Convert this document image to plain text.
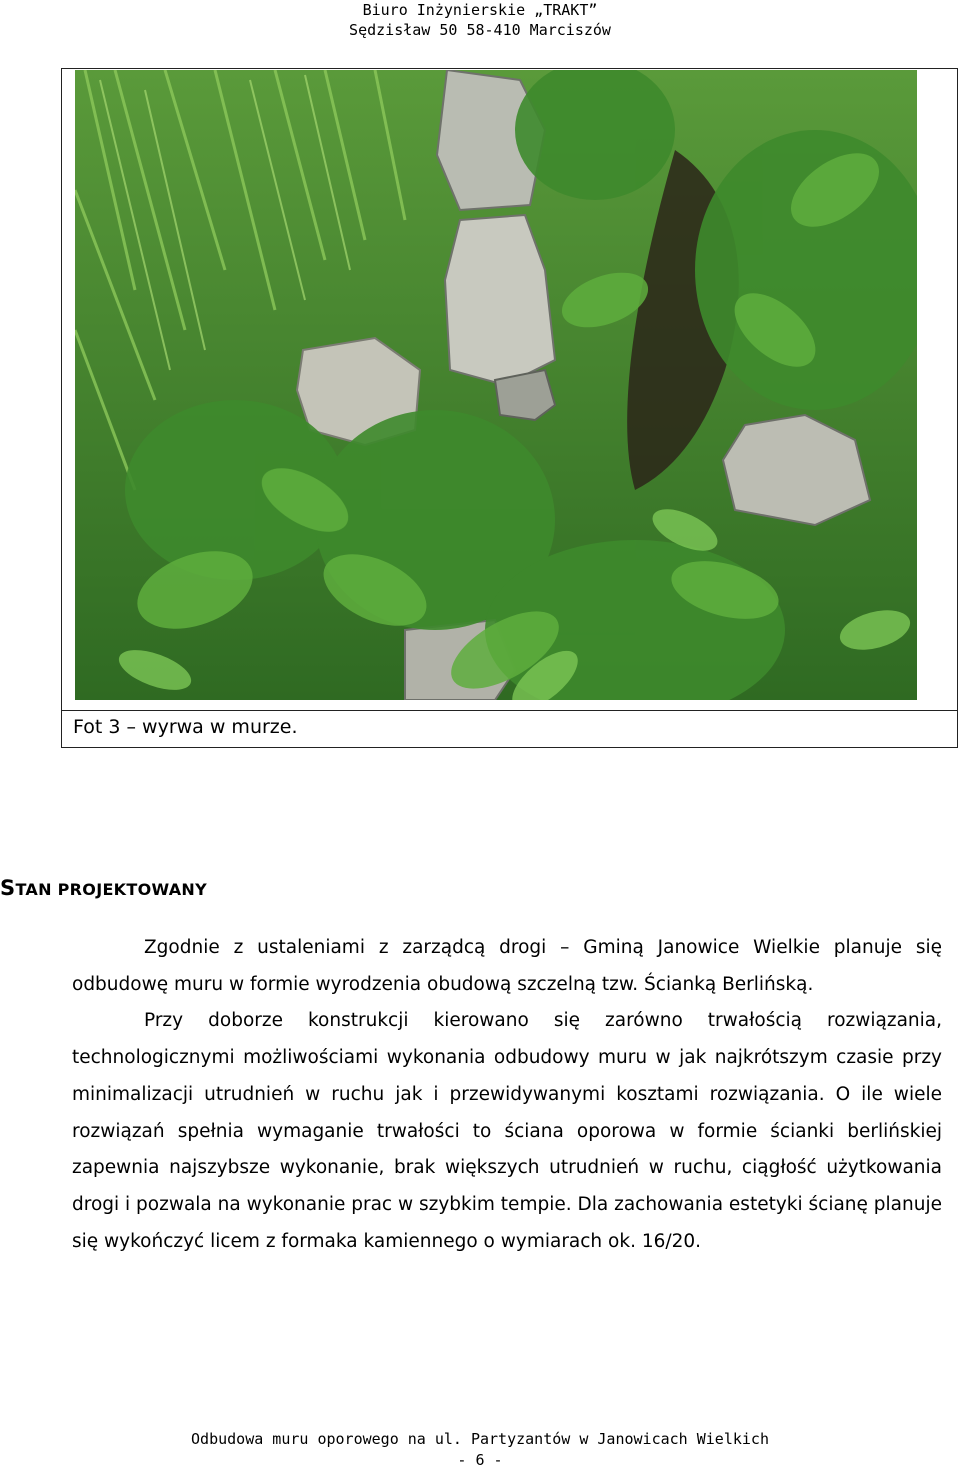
Biuro Inżynierskie „TRAKT”
Sędzisław 50 58-410 Marciszów
Fot 3 – wyrwa w murze.
STAN PROJEKTOWANY

Zgodnie z ustaleniami z zarządcą drogi – Gminą Janowice Wielkie planuje się odbudowę muru w formie wyrodzenia obudową szczelną tzw. Ścianką Berlińską.

Przy doborze konstrukcji kierowano się zarówno trwałością rozwiązania, technologicznymi możliwościami wykonania odbudowy muru w jak najkrótszym czasie przy minimalizacji utrudnień w ruchu jak i przewidywanymi kosztami rozwiązania. O ile wiele rozwiązań spełnia wymaganie trwałości to ściana oporowa w formie ścianki berlińskiej zapewnia najszybsze wykonanie, brak większych utrudnień w ruchu, ciągłość użytkowania drogi i pozwala na wykonanie prac w szybkim tempie. Dla zachowania estetyki ścianę planuje się wykończyć licem z formaka kamiennego o wymiarach ok. 16/20.

Odbudowa muru oporowego na ul. Partyzantów w Janowicach Wielkich
- 6 -
